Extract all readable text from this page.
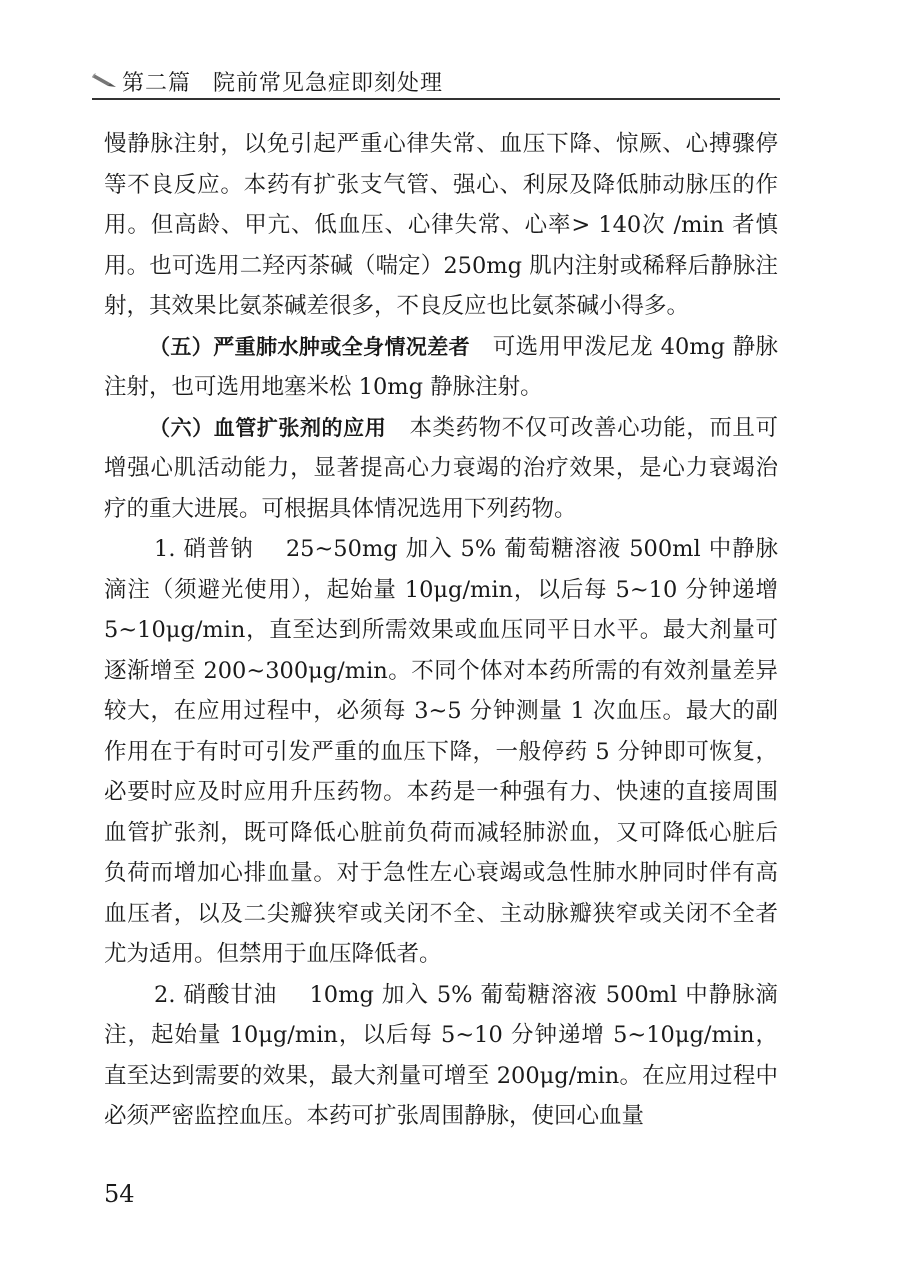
第二篇 院前常见急症即刻处理

慢静脉注射，以免引起严重心律失常、血压下降、惊厥、心搏骤停等不良反应。本药有扩张支气管、强心、利尿及降低肺动脉压的作用。但高龄、甲亢、低血压、心律失常、心率> 140次 /min 者慎用。也可选用二羟丙茶碱（喘定）250mg 肌内注射或稀释后静脉注射，其效果比氨茶碱差很多，不良反应也比氨茶碱小得多。

（五）严重肺水肿或全身情况差者 可选用甲泼尼龙 40mg 静脉注射，也可选用地塞米松 10mg 静脉注射。

（六）血管扩张剂的应用 本类药物不仅可改善心功能，而且可增强心肌活动能力，显著提高心力衰竭的治疗效果，是心力衰竭治疗的重大进展。可根据具体情况选用下列药物。

1. 硝普钠 25~50mg 加入 5% 葡萄糖溶液 500ml 中静脉滴注（须避光使用），起始量 10μg/min，以后每 5~10 分钟递增 5~10μg/min，直至达到所需效果或血压同平日水平。最大剂量可逐渐增至 200~300μg/min。不同个体对本药所需的有效剂量差异较大，在应用过程中，必须每 3~5 分钟测量 1 次血压。最大的副作用在于有时可引发严重的血压下降，一般停药 5 分钟即可恢复，必要时应及时应用升压药物。本药是一种强有力、快速的直接周围血管扩张剂，既可降低心脏前负荷而减轻肺淤血，又可降低心脏后负荷而增加心排血量。对于急性左心衰竭或急性肺水肿同时伴有高血压者，以及二尖瓣狭窄或关闭不全、主动脉瓣狭窄或关闭不全者尤为适用。但禁用于血压降低者。

2. 硝酸甘油 10mg 加入 5% 葡萄糖溶液 500ml 中静脉滴注，起始量 10μg/min，以后每 5~10 分钟递增 5~10μg/min，直至达到需要的效果，最大剂量可增至 200μg/min。在应用过程中必须严密监控血压。本药可扩张周围静脉，使回心血量

54
